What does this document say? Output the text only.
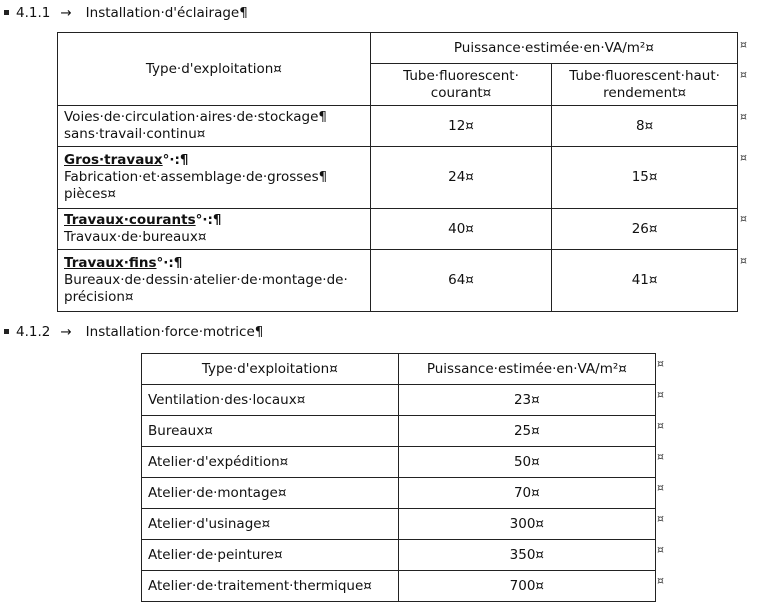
4.1.1 → Installation·d'éclairage¶
Type·d'exploitation¤	Puissance·estimée·en·VA/m²¤	
	Tube·fluorescent·
courant¤	Tube·fluorescent·haut·
rendement¤
Voies·de·circulation·aires·de·stockage¶
sans·travail·continu¤	12¤	8¤
Gros·travaux°·:¶
Fabrication·et·assemblage·de·grosses¶
pièces¤	24¤	15¤
Travaux·courants°·:¶
Travaux·de·bureaux¤	40¤	26¤
Travaux·fins°·:¶
Bureaux·de·dessin·atelier·de·montage·de·
précision¤	64¤	41¤
¤
¤
¤
¤
¤
¤
4.1.2 → Installation·force·motrice¶
Type·d'exploitation¤	Puissance·estimée·en·VA/m²¤
Ventilation·des·locaux¤	23¤
Bureaux¤	25¤
Atelier·d'expédition¤	50¤
Atelier·de·montage¤	70¤
Atelier·d'usinage¤	300¤
Atelier·de·peinture¤	350¤
Atelier·de·traitement·thermique¤	700¤
¤
¤
¤
¤
¤
¤
¤
¤
